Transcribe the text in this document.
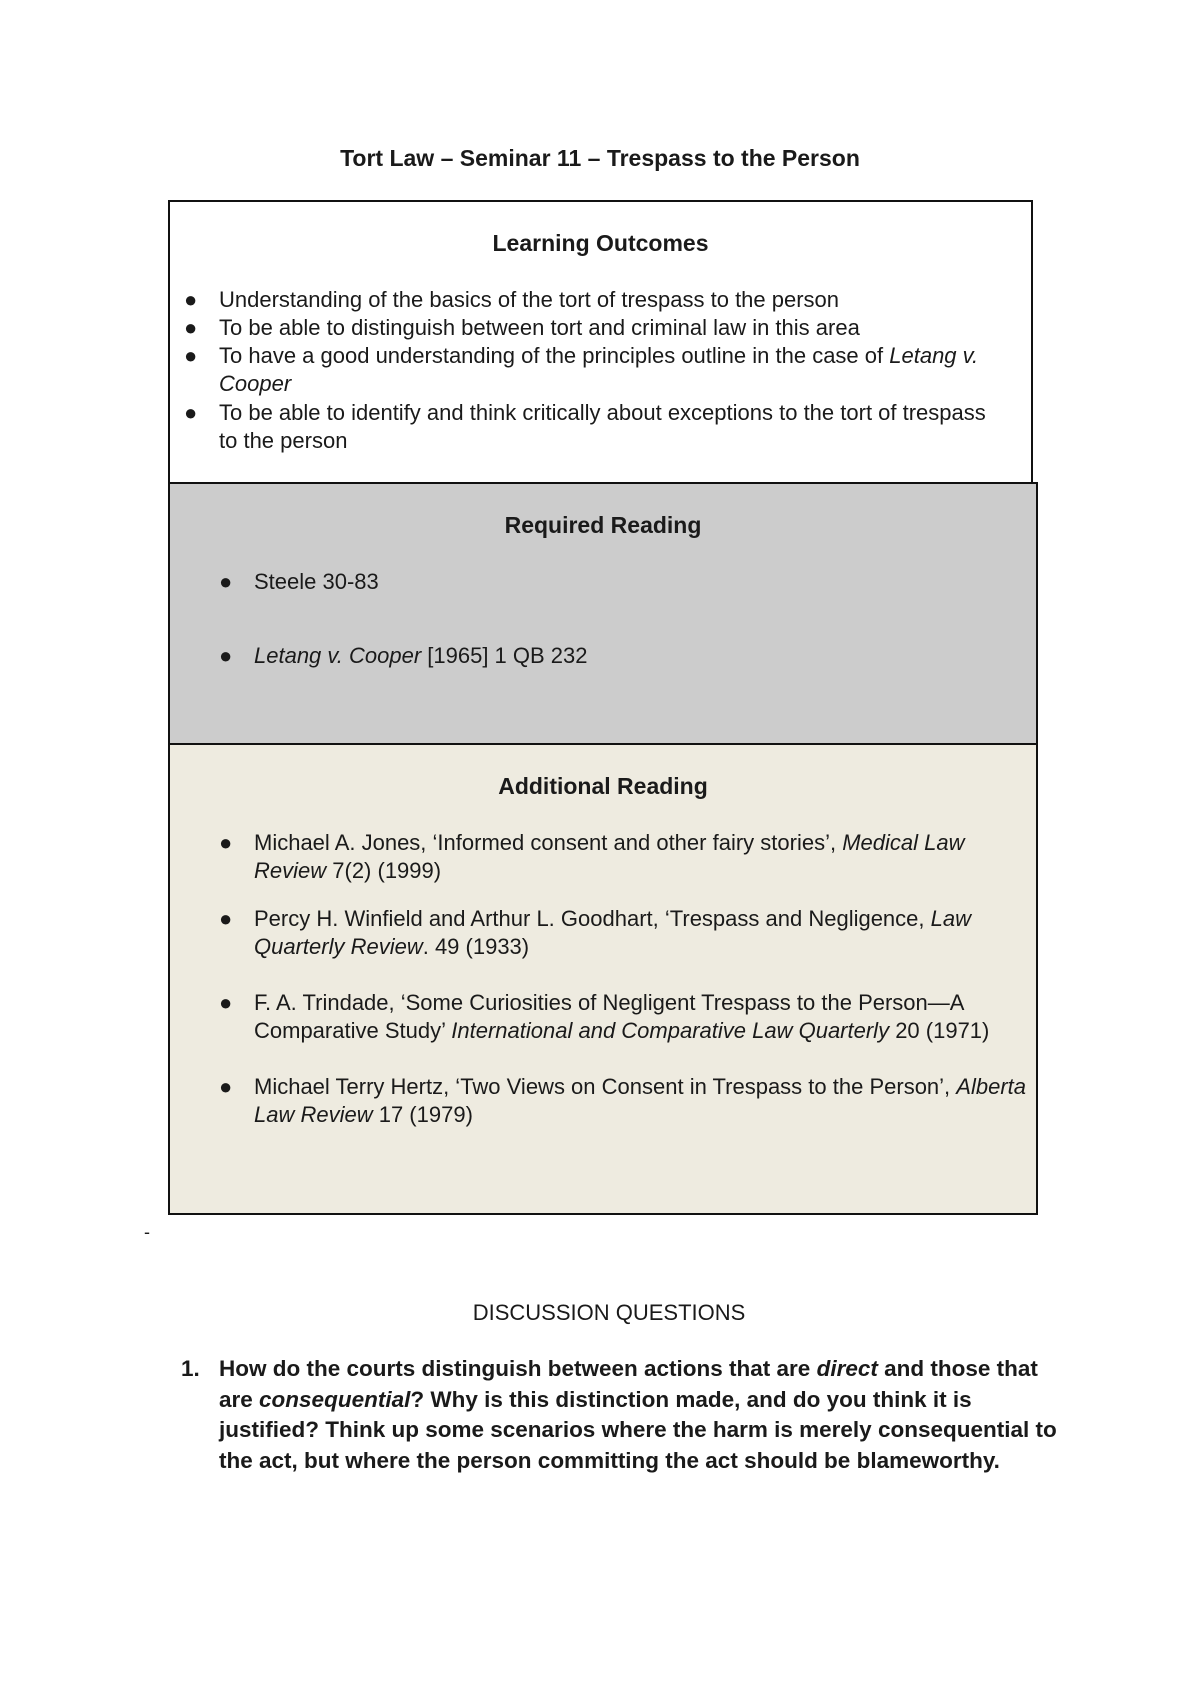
Tort Law – Seminar 11 – Trespass to the Person
Learning Outcomes
● Understanding of the basics of the tort of trespass to the person
● To be able to distinguish between tort and criminal law in this area
● To have a good understanding of the principles outline in the case of Letang v. Cooper
● To be able to identify and think critically about exceptions to the tort of trespass to the person
Required Reading
● Steele 30-83
● Letang v. Cooper [1965] 1 QB 232
Additional Reading
● Michael A. Jones, ‘Informed consent and other fairy stories’, Medical Law Review 7(2) (1999)
● Percy H. Winfield and Arthur L. Goodhart, ‘Trespass and Negligence, Law Quarterly Review. 49 (1933)
● F. A. Trindade, ‘Some Curiosities of Negligent Trespass to the Person—A Comparative Study’ International and Comparative Law Quarterly 20 (1971)
● Michael Terry Hertz, ‘Two Views on Consent in Trespass to the Person’, Alberta Law Review 17 (1979)
-
DISCUSSION QUESTIONS
1. How do the courts distinguish between actions that are direct and those that are consequential? Why is this distinction made, and do you think it is justified? Think up some scenarios where the harm is merely consequential to the act, but where the person committing the act should be blameworthy.
